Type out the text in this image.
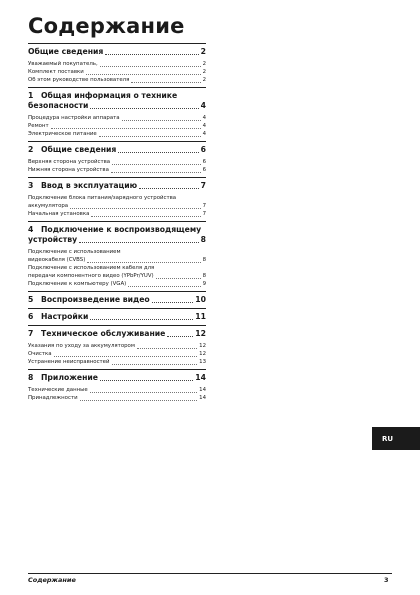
Содержание
Общие сведения	2
Уважаемый покупатель,	2
Комплект поставки	2
Об этом руководстве пользователя	2
1 Общая информация о технике
безопасности	4
Процедура настройки аппарата	4
Ремонт	4
Электрическое питание	4
2 Общие сведения	6
Верхняя сторона устройства	6
Нижняя сторона устройства	6
3 Ввод в эксплуатацию	7
Подключение блока питания/зарядного устройства
аккумулятора	7
Начальная установка	7
4 Подключение к воспроизводящему
устройству	8
Подключение с использованием
видеокабеля (CVBS)	8
Подключение с использованием кабеля для
передачи компонентного видео (YPbPr/YUV)	8
Подключение к компьютеру (VGA)	9
5 Воспроизведение видео	10
6 Настройки	11
7 Техническое обслуживание	12
Указания по уходу за аккумулятором	12
Очистка	12
Устранение неисправностей	13
8 Приложение	14
Технические данные	14
Принадлежности	14
RU
Содержание	3
